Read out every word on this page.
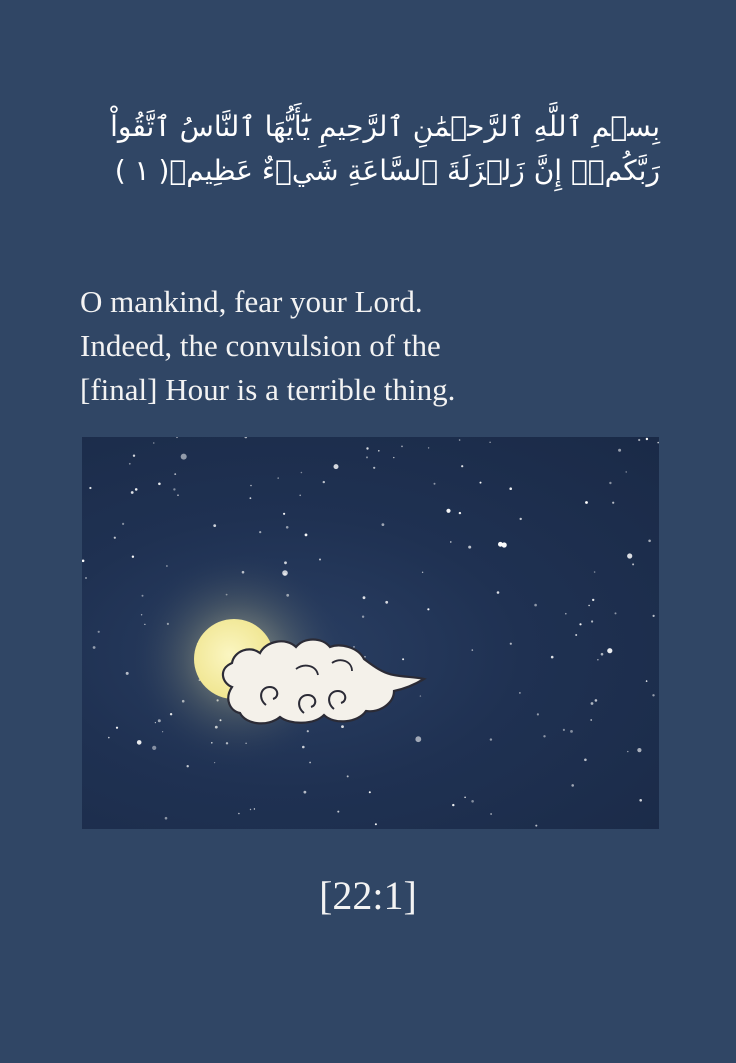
بِسۡمِ ٱللَّهِ ٱلرَّحۡمَٰنِ ٱلرَّحِيمِ يَٰٓأَيُّهَا ٱلنَّاسُ ٱتَّقُواْ
رَبَّكُمۡۚ إِنَّ زَلۡزَلَةَ ٱلسَّاعَةِ شَيۡءٌ عَظِيمٞ( ١ )
O mankind, fear your Lord.
Indeed, the convulsion of the
[final] Hour is a terrible thing.
[22:1]
